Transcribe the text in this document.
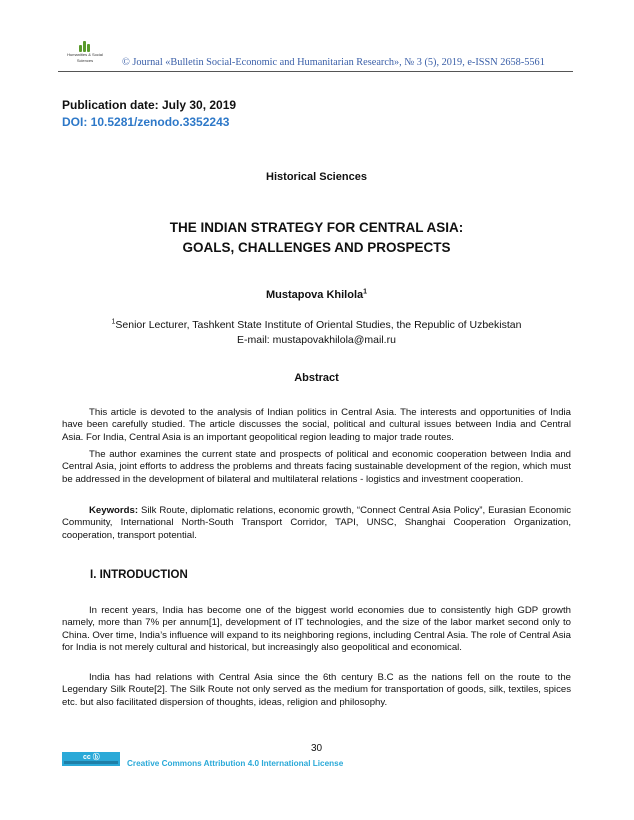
Humanities & Social
Sciences	© Journal «Bulletin Social-Economic and Humanitarian Research», № 3 (5), 2019, e-ISSN 2658-5561
Publication date: July 30, 2019
DOI: 10.5281/zenodo.3352243
Historical Sciences
THE INDIAN STRATEGY FOR CENTRAL ASIA:
GOALS, CHALLENGES AND PROSPECTS
Mustapova Khilola$^1$
$^1$Senior Lecturer, Tashkent State Institute of Oriental Studies, the Republic of Uzbekistan
E-mail: mustapovakhilola@mail.ru
Abstract

This article is devoted to the analysis of Indian politics in Central Asia. The interests and opportunities of India have been carefully studied. The article discusses the social, political and cultural issues between India and Central Asia. For India, Central Asia is an important geopolitical region leading to major trade routes.

The author examines the current state and prospects of political and economic cooperation between India and Central Asia, joint efforts to address the problems and threats facing sustainable development of the region, which must be addressed in the development of bilateral and multilateral relations - logistics and investment cooperation.

Keywords: Silk Route, diplomatic relations, economic growth, “Connect Central Asia Policy”, Eurasian Economic Community, International North-South Transport Corridor, TAPI, UNSC, Shanghai Cooperation Organization, cooperation, transport potential.

I. INTRODUCTION

In recent years, India has become one of the biggest world economies due to consistently high GDP growth namely, more than 7% per annum[1], development of IT technologies, and the size of the labor market second only to China. Over time, India’s influence will expand to its neighboring regions, including Central Asia. The role of Central Asia for India is not merely cultural and historical, but increasingly also geopolitical and economical.

India has had relations with Central Asia since the 6th century B.C as the nations fell on the route to the Legendary Silk Route[2]. The Silk Route not only served as the medium for transportation of goods, silk, textiles, spices etc. but also facilitated dispersion of thoughts, ideas, religion and philosophy.

30
cc ⓑ
Creative Commons Attribution 4.0 International License
